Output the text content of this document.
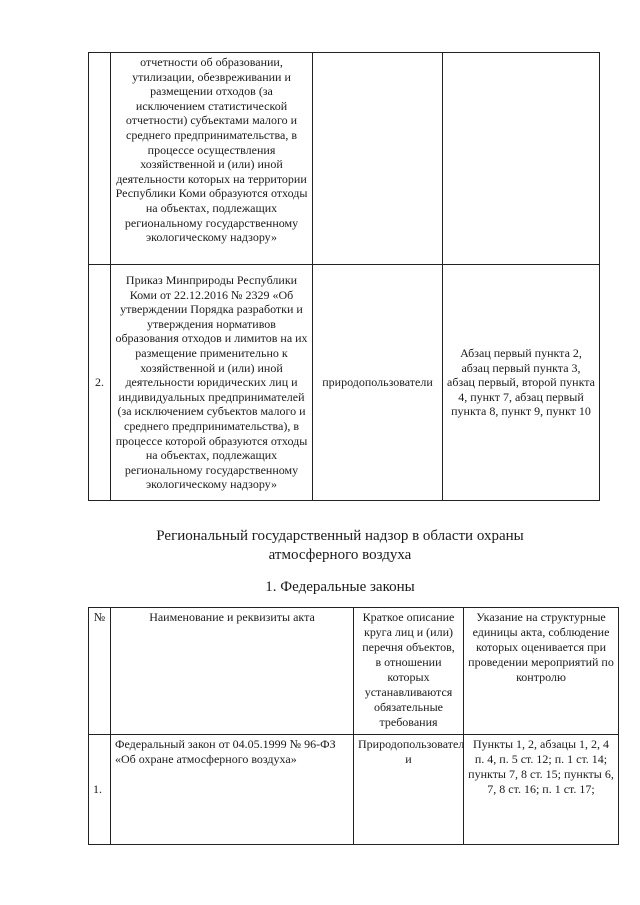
	отчетности об образовании, утилизации, обезвреживании и размещении отходов (за исключением статистической отчетности) субъектами малого и среднего предпринимательства, в процессе осуществления хозяйственной и (или) иной деятельности которых на территории Республики Коми образуются отходы на объектах, подлежащих региональному государственному экологическому надзору»		
2.	Приказ Минприроды Республики Коми от 22.12.2016 № 2329 «Об утверждении Порядка разработки и утверждения нормативов образования отходов и лимитов на их размещение применительно к хозяйственной и (или) иной деятельности юридических лиц и индивидуальных предпринимателей (за исключением субъектов малого и среднего предпринимательства), в процессе которой образуются отходы на объектах, подлежащих региональному государственному экологическому надзору»	природопользователи	Абзац первый пункта 2, абзац первый пункта 3, абзац первый, второй пункта 4, пункт 7, абзац первый пункта 8, пункт 9, пункт 10
Региональный государственный надзор в области охраны
атмосферного воздуха
1. Федеральные законы
№	Наименование и реквизиты акта	Краткое описание круга лиц и (или) перечня объектов, в отношении которых устанавливаются обязательные требования	Указание на структурные единицы акта, соблюдение которых оценивается при проведении мероприятий по контролю
1.	Федеральный закон от 04.05.1999 № 96-ФЗ «Об охране атмосферного воздуха»	Природопользовател и	Пункты 1, 2, абзацы 1, 2, 4 п. 4, п. 5 ст. 12; п. 1 ст. 14; пункты 7, 8 ст. 15; пункты 6, 7, 8 ст. 16; п. 1 ст. 17;
